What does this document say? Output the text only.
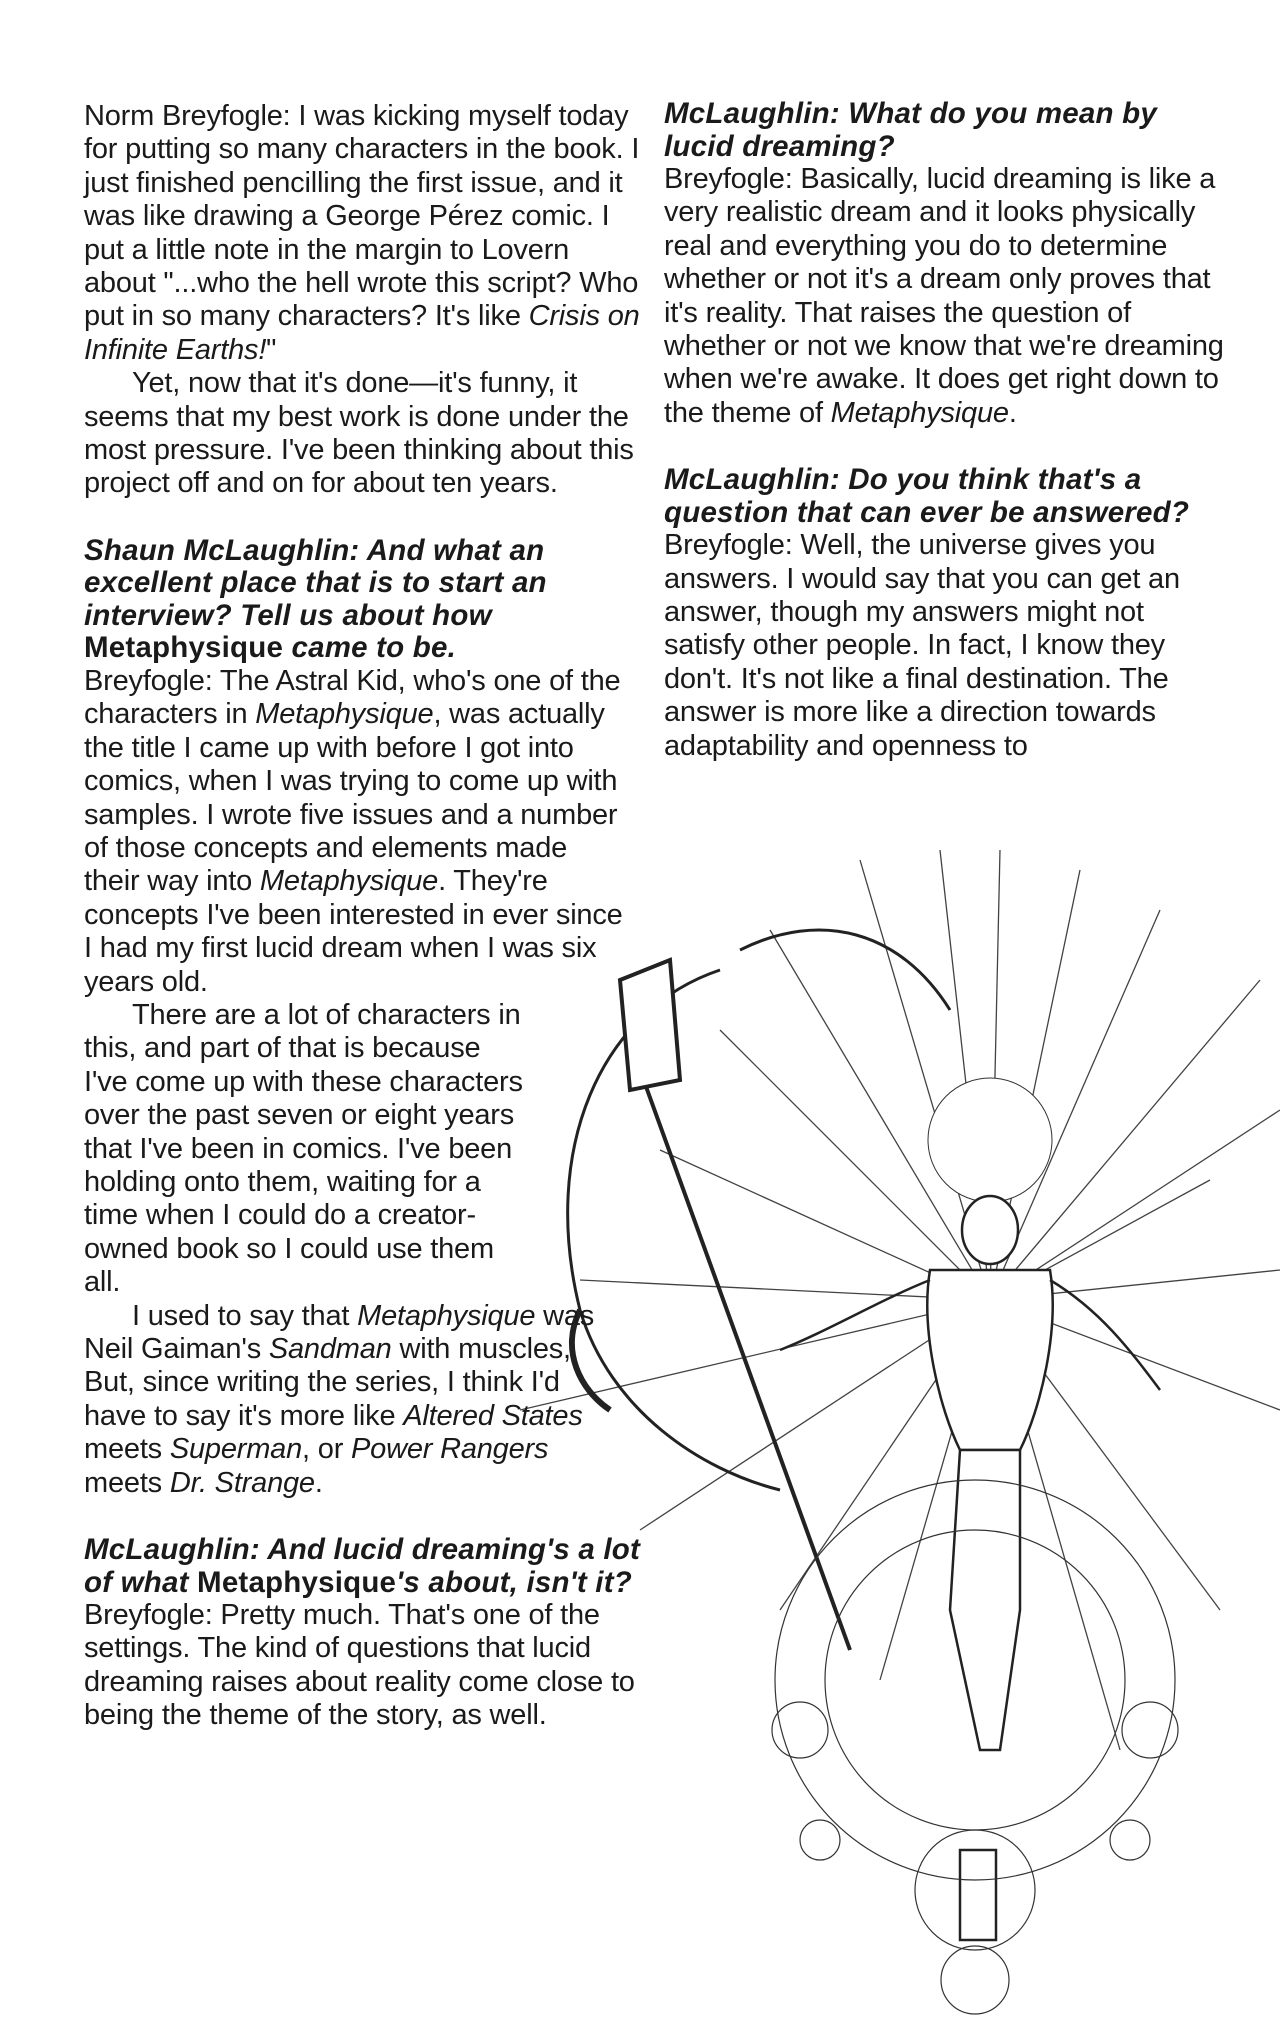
Norm Breyfogle: I was kicking myself today for putting so many characters in the book. I just finished pencilling the first issue, and it was like drawing a George Pérez comic. I put a little note in the margin to Lovern about "...who the hell wrote this script? Who put in so many characters? It's like Crisis on Infinite Earths!"

Yet, now that it's done—it's funny, it seems that my best work is done under the most pressure. I've been thinking about this project off and on for about ten years.

Shaun McLaughlin: And what an excellent place that is to start an interview? Tell us about how Metaphysique came to be.

Breyfogle: The Astral Kid, who's one of the characters in Metaphysique, was actually the title I came up with before I got into comics, when I was trying to come up with samples. I wrote five issues and a number of those concepts and elements made their way into Metaphysique. They're concepts I've been interested in ever since I had my first lucid dream when I was six years old.

There are a lot of characters in this, and part of that is because I've come up with these characters over the past seven or eight years that I've been in comics. I've been holding onto them, waiting for a time when I could do a creator-owned book so I could use them all.

I used to say that Metaphysique was Neil Gaiman's Sandman with muscles, But, since writing the series, I think I'd have to say it's more like Altered States meets Superman, or Power Rangers meets Dr. Strange.

McLaughlin: And lucid dreaming's a lot of what Metaphysique's about, isn't it?

Breyfogle: Pretty much. That's one of the settings. The kind of questions that lucid dreaming raises about reality come close to being the theme of the story, as well.

McLaughlin: What do you mean by lucid dreaming?

Breyfogle: Basically, lucid dreaming is like a very realistic dream and it looks physically real and everything you do to determine whether or not it's a dream only proves that it's reality. That raises the question of whether or not we know that we're dreaming when we're awake. It does get right down to the theme of Metaphysique.

McLaughlin: Do you think that's a question that can ever be answered?

Breyfogle: Well, the universe gives you answers. I would say that you can get an answer, though my answers might not satisfy other people. In fact, I know they don't. It's not like a final destination. The answer is more like a direction towards adaptability and openness to
